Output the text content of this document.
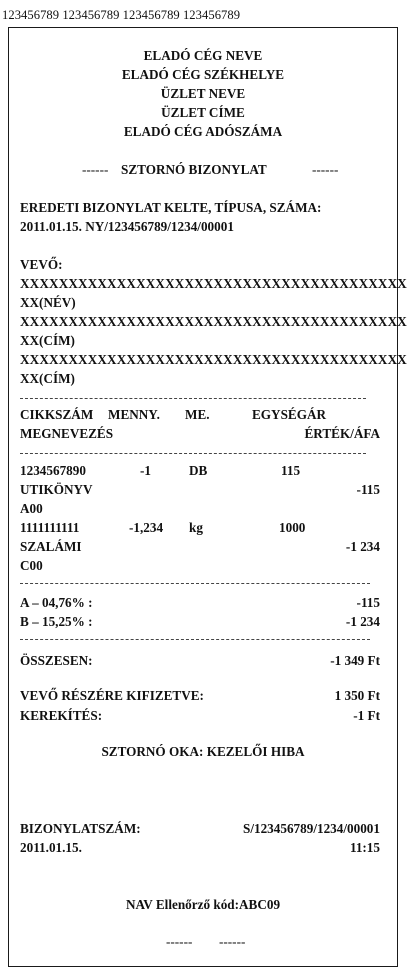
123456789 123456789 123456789 123456789
ELADÓ CÉG NEVE
ELADÓ CÉG SZÉKHELYE
ÜZLET NEVE
ÜZLET CÍME
ELADÓ CÉG ADÓSZÁMA
------ SZTORNÓ BIZONYLAT	------
EREDETI BIZONYLAT KELTE, TÍPUSA, SZÁMA:
2011.01.15. NY/123456789/1234/00001
VEVŐ:
XXXXXXXXXXXXXXXXXXXXXXXXXXXXXXXXXXXXXXXX
XX(NÉV)
XXXXXXXXXXXXXXXXXXXXXXXXXXXXXXXXXXXXXXXX
XX(CÍM)
XXXXXXXXXXXXXXXXXXXXXXXXXXXXXXXXXXXXXXXX
XX(CÍM)
CIKKSZÁM MENNY. ME.	EGYSÉGÁR
MEGNEVEZÉS	ÉRTÉK/ÁFA
1234567890	-1	DB	115
UTIKÖNYV	-115
A00
1111111111	-1,234 kg	1000
SZALÁMI	-1 234
C00
A – 04,76% :	-115
B – 15,25% :	-1 234
ÖSSZESEN:	-1 349 Ft
VEVŐ RÉSZÉRE KIFIZETVE:	1 350 Ft
KEREKÍTÉS:	-1 Ft
SZTORNÓ OKA: KEZELŐI HIBA
BIZONYLATSZÁM:	S/123456789/1234/00001
2011.01.15.	11:15
NAV Ellenőrző kód:ABC09
------ ------
